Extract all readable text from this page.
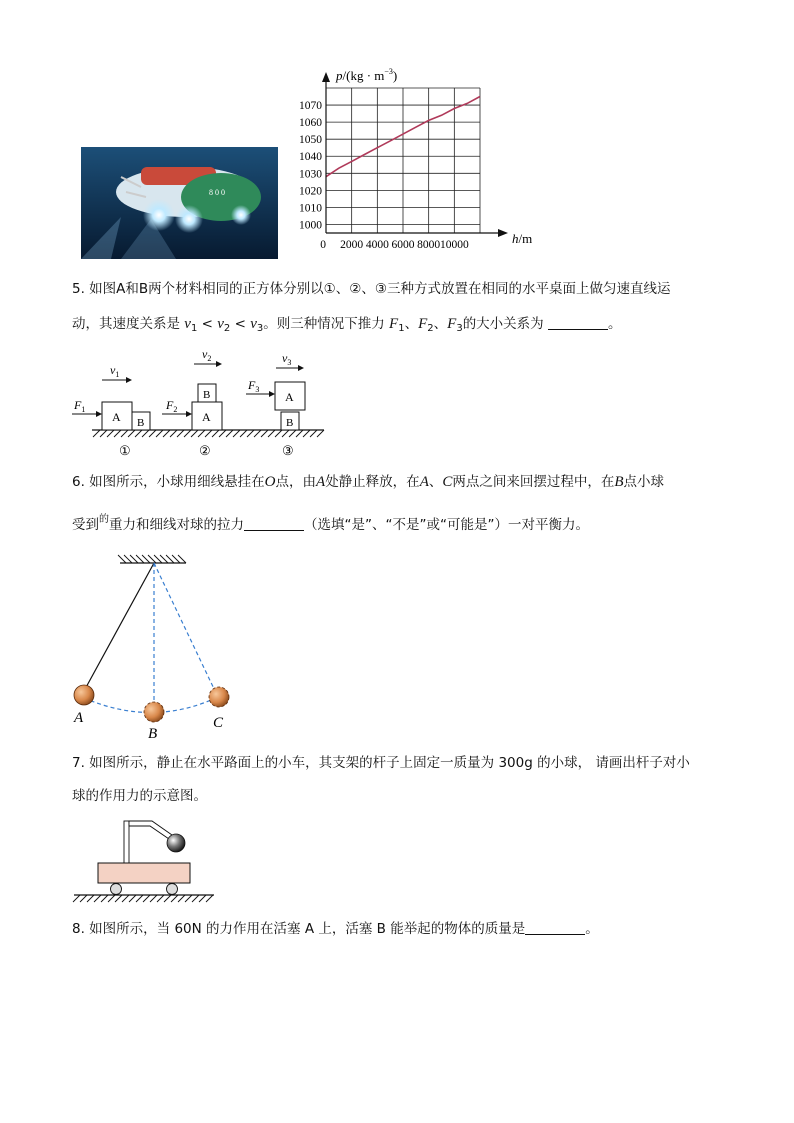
8 0 0
1000
1010
1020
1030
1040
1050
1060
1070
0 2000 4000 6000 8000 10000
$p/(kg \cdot m^{-3})$
h/m
5. 如图A和B两个材料相同的正方体分别以①、②、③三种方式放置在相同的水平桌面上做匀速直线运
动，其速度关系是 $v_1 < v_2 < v_3$。则三种情况下推力 $F_1$、$F_2$、$F_3$的大小关系为	。
A B
$F_1$
$v_1$
①
A
B
$F_2$
$v_2$
②
A
B
$F_3$
$v_3$
③
6. 如图所示，小球用细线悬挂在O点，由A处静止释放，在A、C两点之间来回摆过程中，在B点小球
受到$^的$重力和细线对球的拉力	（选填“是”、“不是”或“可能是”）一对平衡力。
A
B
C
7. 如图所示，静止在水平路面上的小车，其支架的杆子上固定一质量为 300g 的小球， 请画出杆子对小
球的作用力的示意图。
8. 如图所示，当 60N 的力作用在活塞 A 上，活塞 B 能举起的物体的质量是	。
